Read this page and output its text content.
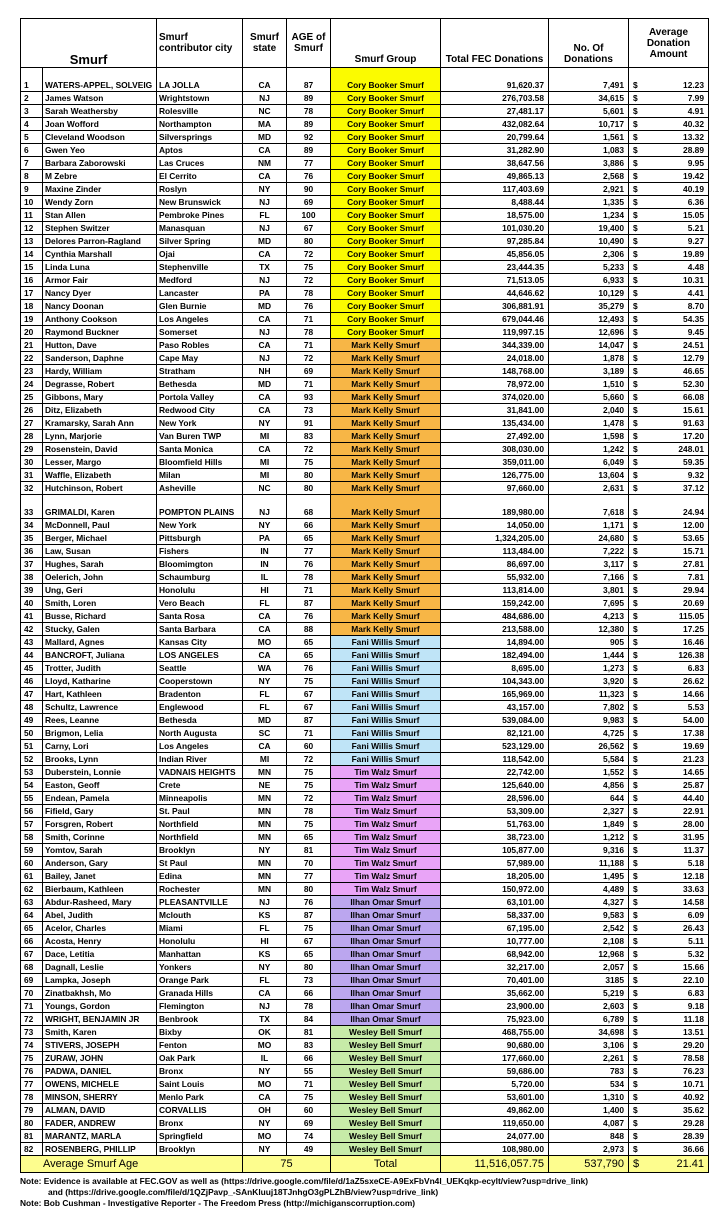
Smurf		Smurf contributor city	Smurf state	AGE of Smurf	Smurf Group	Total FEC Donations	No. Of Donations	Average Donation Amount
1	WATERS-APPEL, SOLVEIG	LA JOLLA	CA	87	Cory Booker Smurf	91,620.37	7,491	$ 12.23
2	James Watson	Wrightstown	NJ	89	Cory Booker Smurf	276,703.58	34,615	$ 7.99
3	Sarah Weathersby	Rolesville	NC	78	Cory Booker Smurf	27,481.17	5,601	$ 4.91
4	Joan Wofford	Northampton	MA	89	Cory Booker Smurf	432,082.64	10,717	$ 40.32
5	Cleveland Woodson	Silversprings	MD	92	Cory Booker Smurf	20,799.64	1,561	$ 13.32
6	Gwen Yeo	Aptos	CA	89	Cory Booker Smurf	31,282.90	1,083	$ 28.89
7	Barbara Zaborowski	Las Cruces	NM	77	Cory Booker Smurf	38,647.56	3,886	$ 9.95
8	M Zebre	El Cerrito	CA	76	Cory Booker Smurf	49,865.13	2,568	$ 19.42
9	Maxine Zinder	Roslyn	NY	90	Cory Booker Smurf	117,403.69	2,921	$ 40.19
10	Wendy Zorn	New Brunswick	NJ	69	Cory Booker Smurf	8,488.44	1,335	$ 6.36
11	Stan Allen	Pembroke Pines	FL	100	Cory Booker Smurf	18,575.00	1,234	$ 15.05
12	Stephen Switzer	Manasquan	NJ	67	Cory Booker Smurf	101,030.20	19,400	$ 5.21
13	Delores Parron-Ragland	Silver Spring	MD	80	Cory Booker Smurf	97,285.84	10,490	$ 9.27
14	Cynthia Marshall	Ojai	CA	72	Cory Booker Smurf	45,856.05	2,306	$ 19.89
15	Linda Luna	Stephenville	TX	75	Cory Booker Smurf	23,444.35	5,233	$ 4.48
16	Armor Fair	Medford	NJ	72	Cory Booker Smurf	71,513.05	6,933	$ 10.31
17	Nancy Dyer	Lancaster	PA	78	Cory Booker Smurf	44,646.62	10,129	$ 4.41
18	Nancy Doonan	Glen Burnie	MD	76	Cory Booker Smurf	306,881.91	35,279	$ 8.70
19	Anthony Cookson	Los Angeles	CA	71	Cory Booker Smurf	679,044.46	12,493	$ 54.35
20	Raymond Buckner	Somerset	NJ	78	Cory Booker Smurf	119,997.15	12,696	$ 9.45
21	Hutton, Dave	Paso Robles	CA	71	Mark Kelly Smurf	344,339.00	14,047	$ 24.51
22	Sanderson, Daphne	Cape May	NJ	72	Mark Kelly Smurf	24,018.00	1,878	$ 12.79
23	Hardy, William	Stratham	NH	69	Mark Kelly Smurf	148,768.00	3,189	$ 46.65
24	Degrasse, Robert	Bethesda	MD	71	Mark Kelly Smurf	78,972.00	1,510	$ 52.30
25	Gibbons, Mary	Portola Valley	CA	93	Mark Kelly Smurf	374,020.00	5,660	$ 66.08
26	Ditz, Elizabeth	Redwood City	CA	73	Mark Kelly Smurf	31,841.00	2,040	$ 15.61
27	Kramarsky, Sarah Ann	New York	NY	91	Mark Kelly Smurf	135,434.00	1,478	$ 91.63
28	Lynn, Marjorie	Van Buren TWP	MI	83	Mark Kelly Smurf	27,492.00	1,598	$ 17.20
29	Rosenstein, David	Santa Monica	CA	72	Mark Kelly Smurf	308,030.00	1,242	$ 248.01
30	Lesser, Margo	Bloomfield Hills	MI	75	Mark Kelly Smurf	359,011.00	6,049	$ 59.35
31	Waffle, Elizabeth	Milan	MI	80	Mark Kelly Smurf	126,775.00	13,604	$ 9.32
32	Hutchinson, Robert	Asheville	NC	80	Mark Kelly Smurf	97,660.00	2,631	$ 37.12
33	GRIMALDI, Karen	POMPTON PLAINS	NJ	68	Mark Kelly Smurf	189,980.00	7,618	$ 24.94
34	McDonnell, Paul	New York	NY	66	Mark Kelly Smurf	14,050.00	1,171	$ 12.00
35	Berger, Michael	Pittsburgh	PA	65	Mark Kelly Smurf	1,324,205.00	24,680	$ 53.65
36	Law, Susan	Fishers	IN	77	Mark Kelly Smurf	113,484.00	7,222	$ 15.71
37	Hughes, Sarah	Bloomimgton	IN	76	Mark Kelly Smurf	86,697.00	3,117	$ 27.81
38	Oelerich, John	Schaumburg	IL	78	Mark Kelly Smurf	55,932.00	7,166	$ 7.81
39	Ung, Geri	Honolulu	HI	71	Mark Kelly Smurf	113,814.00	3,801	$ 29.94
40	Smith, Loren	Vero Beach	FL	87	Mark Kelly Smurf	159,242.00	7,695	$ 20.69
41	Busse, Richard	Santa Rosa	CA	76	Mark Kelly Smurf	484,686.00	4,213	$ 115.05
42	Stucky, Galen	Santa Barbara	CA	88	Mark Kelly Smurf	213,588.00	12,380	$ 17.25
43	Mallard, Agnes	Kansas City	MO	65	Fani Willis Smurf	14,894.00	905	$ 16.46
44	BANCROFT, Juliana	LOS ANGELES	CA	65	Fani Willis Smurf	182,494.00	1,444	$ 126.38
45	Trotter, Judith	Seattle	WA	76	Fani Willis Smurf	8,695.00	1,273	$ 6.83
46	Lloyd, Katharine	Cooperstown	NY	75	Fani Willis Smurf	104,343.00	3,920	$ 26.62
47	Hart, Kathleen	Bradenton	FL	67	Fani Willis Smurf	165,969.00	11,323	$ 14.66
48	Schultz, Lawrence	Englewood	FL	67	Fani Willis Smurf	43,157.00	7,802	$ 5.53
49	Rees, Leanne	Bethesda	MD	87	Fani Willis Smurf	539,084.00	9,983	$ 54.00
50	Brigmon, Lelia	North Augusta	SC	71	Fani Willis Smurf	82,121.00	4,725	$ 17.38
51	Carny, Lori	Los Angeles	CA	60	Fani Willis Smurf	523,129.00	26,562	$ 19.69
52	Brooks, Lynn	Indian River	MI	72	Fani Willis Smurf	118,542.00	5,584	$ 21.23
53	Duberstein, Lonnie	VADNAIS HEIGHTS	MN	75	Tim Walz Smurf	22,742.00	1,552	$ 14.65
54	Easton, Geoff	Crete	NE	75	Tim Walz Smurf	125,640.00	4,856	$ 25.87
55	Endean, Pamela	Minneapolis	MN	72	Tim Walz Smurf	28,596.00	644	$ 44.40
56	Fifield, Gary	St. Paul	MN	78	Tim Walz Smurf	53,309.00	2,327	$ 22.91
57	Forsgren, Robert	Northfield	MN	75	Tim Walz Smurf	51,763.00	1,849	$ 28.00
58	Smith, Corinne	Northfield	MN	65	Tim Walz Smurf	38,723.00	1,212	$ 31.95
59	Yomtov, Sarah	Brooklyn	NY	81	Tim Walz Smurf	105,877.00	9,316	$ 11.37
60	Anderson, Gary	St Paul	MN	70	Tim Walz Smurf	57,989.00	11,188	$ 5.18
61	Bailey, Janet	Edina	MN	77	Tim Walz Smurf	18,205.00	1,495	$ 12.18
62	Bierbaum, Kathleen	Rochester	MN	80	Tim Walz Smurf	150,972.00	4,489	$ 33.63
63	Abdur-Rasheed, Mary	PLEASANTVILLE	NJ	76	Ilhan Omar Smurf	63,101.00	4,327	$ 14.58
64	Abel, Judith	Mclouth	KS	87	Ilhan Omar Smurf	58,337.00	9,583	$ 6.09
65	Acelor, Charles	Miami	FL	75	Ilhan Omar Smurf	67,195.00	2,542	$ 26.43
66	Acosta, Henry	Honolulu	HI	67	Ilhan Omar Smurf	10,777.00	2,108	$ 5.11
67	Dace, Letitia	Manhattan	KS	65	Ilhan Omar Smurf	68,942.00	12,968	$ 5.32
68	Dagnall, Leslie	Yonkers	NY	80	Ilhan Omar Smurf	32,217.00	2,057	$ 15.66
69	Lampka, Joseph	Orange Park	FL	73	Ilhan Omar Smurf	70,401.00	3185	$ 22.10
70	Zinatbakhsh, Mo	Granada Hills	CA	66	Ilhan Omar Smurf	35,662.00	5,219	$ 6.83
71	Youngs, Gordon	Flemington	NJ	78	Ilhan Omar Smurf	23,900.00	2,603	$ 9.18
72	WRIGHT, BENJAMIN JR	Benbrook	TX	84	Ilhan Omar Smurf	75,923.00	6,789	$ 11.18
73	Smith, Karen	Bixby	OK	81	Wesley Bell Smurf	468,755.00	34,698	$ 13.51
74	STIVERS, JOSEPH	Fenton	MO	83	Wesley Bell Smurf	90,680.00	3,106	$ 29.20
75	ZURAW, JOHN	Oak Park	IL	66	Wesley Bell Smurf	177,660.00	2,261	$ 78.58
76	PADWA, DANIEL	Bronx	NY	55	Wesley Bell Smurf	59,686.00	783	$ 76.23
77	OWENS, MICHELE	Saint Louis	MO	71	Wesley Bell Smurf	5,720.00	534	$ 10.71
78	MINSON, SHERRY	Menlo Park	CA	75	Wesley Bell Smurf	53,601.00	1,310	$ 40.92
79	ALMAN, DAVID	CORVALLIS	OH	60	Wesley Bell Smurf	49,862.00	1,400	$ 35.62
80	FADER, ANDREW	Bronx	NY	69	Wesley Bell Smurf	119,650.00	4,087	$ 29.28
81	MARANTZ, MARLA	Springfield	MO	74	Wesley Bell Smurf	24,077.00	848	$ 28.39
82	ROSENBERG, PHILLIP	Brooklyn	NY	49	Wesley Bell Smurf	108,980.00	2,973	$ 36.66
Average Smurf Age			75		Total	11,516,057.75	537,790	$ 21.41
Note: Evidence is available at FEC.GOV as well as (https://drive.google.com/file/d/1aZ5sxeCE-A9ExFbVn4l_UEKqkp-ecylt/view?usp=drive_link)
and (https://drive.google.com/file/d/1QZjPavp_-SAnKluuj18TJnhgO3gPLZhB/view?usp=drive_link)
Note: Bob Cushman - Investigative Reporter - The Freedom Press (http://michiganscorruption.com)
